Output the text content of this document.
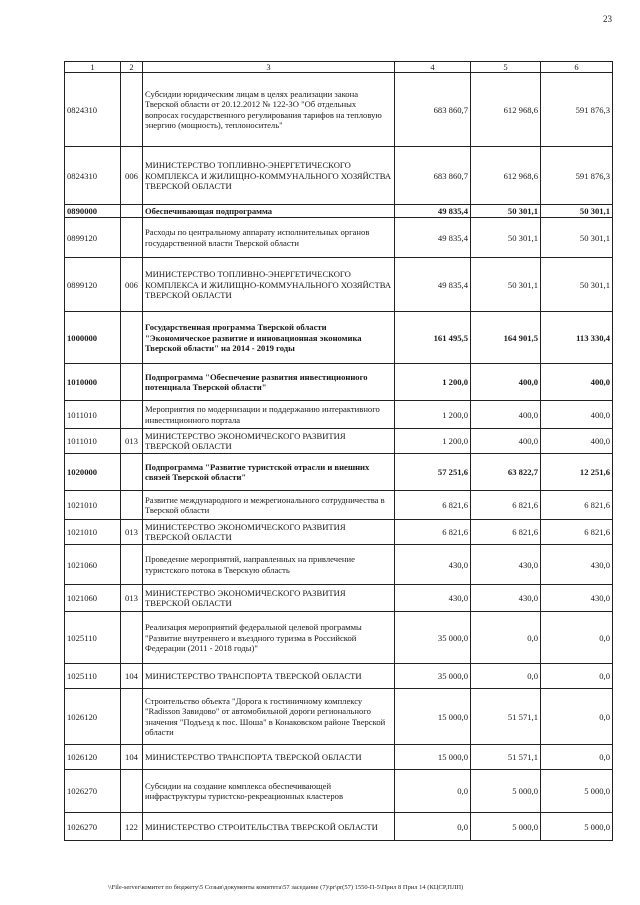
23
1	2	3	4	5	6
0824310		Субсидии юридическим лицам в целях реализации закона Тверской области от 20.12.2012 № 122-ЗО "Об отдельных вопросах государственного регулирования тарифов на тепловую энергию (мощность), теплоноситель"	683 860,7	612 968,6	591 876,3
0824310	006	МИНИСТЕРСТВО ТОПЛИВНО-ЭНЕРГЕТИЧЕСКОГО КОМПЛЕКСА И ЖИЛИЩНО-КОММУНАЛЬНОГО ХОЗЯЙСТВА ТВЕРСКОЙ ОБЛАСТИ	683 860,7	612 968,6	591 876,3
0890000		Обеспечивающая подпрограмма	49 835,4	50 301,1	50 301,1
0899120		Расходы по центральному аппарату исполнительных органов государственной власти Тверской области	49 835,4	50 301,1	50 301,1
0899120	006	МИНИСТЕРСТВО ТОПЛИВНО-ЭНЕРГЕТИЧЕСКОГО КОМПЛЕКСА И ЖИЛИЩНО-КОММУНАЛЬНОГО ХОЗЯЙСТВА ТВЕРСКОЙ ОБЛАСТИ	49 835,4	50 301,1	50 301,1
1000000		Государственная программа Тверской области "Экономическое развитие и инновационная экономика Тверской области" на 2014 - 2019 годы	161 495,5	164 901,5	113 330,4
1010000		Подпрограмма "Обеспечение развития инвестиционного потенциала Тверской области"	1 200,0	400,0	400,0
1011010		Мероприятия по модернизации и поддержанию интерактивного инвестиционного портала	1 200,0	400,0	400,0
1011010	013	МИНИСТЕРСТВО ЭКОНОМИЧЕСКОГО РАЗВИТИЯ ТВЕРСКОЙ ОБЛАСТИ	1 200,0	400,0	400,0
1020000		Подпрограмма "Развитие туристской отрасли и внешних связей Тверской области"	57 251,6	63 822,7	12 251,6
1021010		Развитие международного и межрегионального сотрудничества в Тверской области	6 821,6	6 821,6	6 821,6
1021010	013	МИНИСТЕРСТВО ЭКОНОМИЧЕСКОГО РАЗВИТИЯ ТВЕРСКОЙ ОБЛАСТИ	6 821,6	6 821,6	6 821,6
1021060		Проведение мероприятий, направленных на привлечение туристского потока в Тверскую область	430,0	430,0	430,0
1021060	013	МИНИСТЕРСТВО ЭКОНОМИЧЕСКОГО РАЗВИТИЯ ТВЕРСКОЙ ОБЛАСТИ	430,0	430,0	430,0
1025110		Реализация мероприятий федеральной целевой программы "Развитие внутреннего и въездного туризма в Российской Федерации (2011 - 2018 годы)"	35 000,0	0,0	0,0
1025110	104	МИНИСТЕРСТВО ТРАНСПОРТА ТВЕРСКОЙ ОБЛАСТИ	35 000,0	0,0	0,0
1026120		Строительство объекта "Дорога к гостиничному комплексу "Radisson Завидово" от автомобильной дороги регионального значения "Подъезд к пос. Шоша" в Конаковском районе Тверской области	15 000,0	51 571,1	0,0
1026120	104	МИНИСТЕРСТВО ТРАНСПОРТА ТВЕРСКОЙ ОБЛАСТИ	15 000,0	51 571,1	0,0
1026270		Субсидии на создание комплекса обеспечивающей инфраструктуры туристско-рекреационных кластеров	0,0	5 000,0	5 000,0
1026270	122	МИНИСТЕРСТВО СТРОИТЕЛЬСТВА ТВЕРСКОЙ ОБЛАСТИ	0,0	5 000,0	5 000,0
\\File-server\комитет по бюджету\5 Созыв\документы комитета\57 заседание (7)\pr\pr(57) 1550-П-5\Прил 8 Прил 14 (КЦСР,ПЛП)
